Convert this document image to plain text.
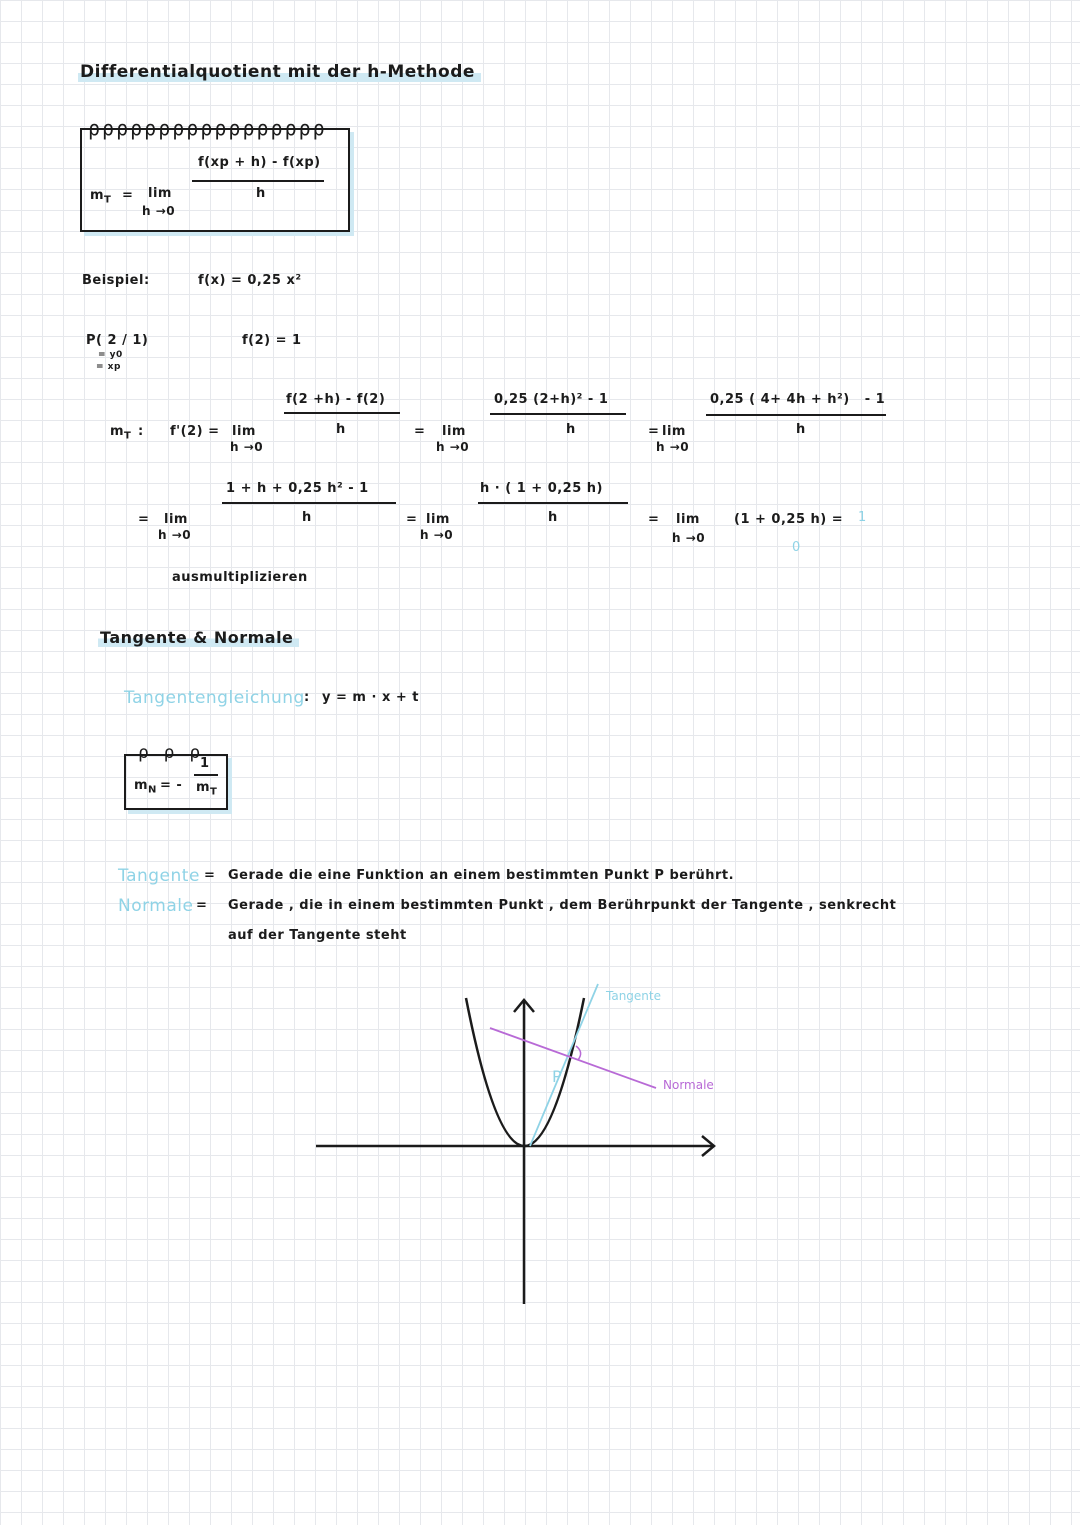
Differentialquotient mit der h-Methode
ρρρρρρρρρρρρρρρρρ
f(xp + h) - f(xp)
h
$m_T = \lim$
h →0
Beispiel:	f(x) = 0,25 x²
P( 2 / 1)
= y0
= xp
f(2) = 1
$m_T$ : f'(2) = lim
h →0
f(2 +h) - f(2)
h	= lim
h →0
0,25 (2+h)² - 1
h	= lim
h →0
0,25 ( 4+ 4h + h²)   - 1
h
= lim
h →0
1 + h + 0,25 h² - 1
h	= lim
h →0
h · ( 1 + 0,25 h)
h	= lim
h →0
(1 + 0,25 h) = 1
0
ausmultiplizieren
Tangente & Normale
Tangentengleichung : y = m · x + t
ρ ρ ρ
$m_N$ = -
1
$m_T$
Tangente = Gerade die eine Funktion an einem bestimmten Punkt P berührt.
Normale = Gerade , die in einem bestimmten Punkt , dem Berührpunkt der Tangente , senkrecht
auf der Tangente steht
Tangente
Normale
P
